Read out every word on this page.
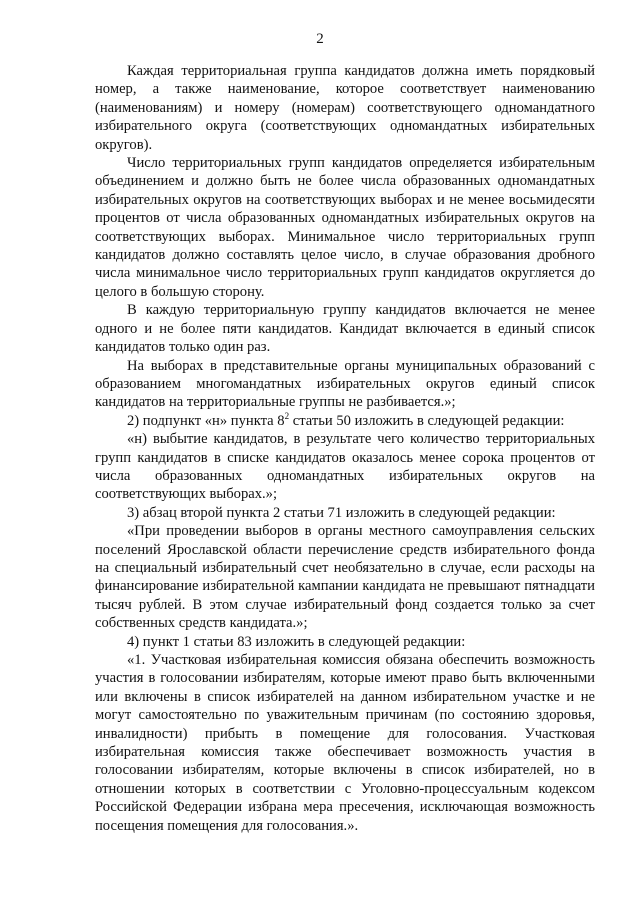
2

Каждая территориальная группа кандидатов должна иметь порядковый номер, а также наименование, которое соответствует наименованию (наименованиям) и номеру (номерам) соответствующего одномандатного избирательного округа (соответствующих одномандатных избирательных округов).

Число территориальных групп кандидатов определяется избирательным объединением и должно быть не более числа образованных одномандатных избирательных округов на соответствующих выборах и не менее восьмидесяти процентов от числа образованных одномандатных избирательных округов на соответствующих выборах. Минимальное число территориальных групп кандидатов должно составлять целое число, в случае образования дробного числа минимальное число территориальных групп кандидатов округляется до целого в большую сторону.

В каждую территориальную группу кандидатов включается не менее одного и не более пяти кандидатов. Кандидат включается в единый список кандидатов только один раз.

На выборах в представительные органы муниципальных образований с образованием многомандатных избирательных округов единый список кандидатов на территориальные группы не разбивается.»;

2) подпункт «н» пункта $8^2$ статьи 50 изложить в следующей редакции:

«н) выбытие кандидатов, в результате чего количество территориальных групп кандидатов в списке кандидатов оказалось менее сорока процентов от числа образованных одномандатных избирательных округов на соответствующих выборах.»;

3) абзац второй пункта 2 статьи 71 изложить в следующей редакции:

«При проведении выборов в органы местного самоуправления сельских поселений Ярославской области перечисление средств избирательного фонда на специальный избирательный счет необязательно в случае, если расходы на финансирование избирательной кампании кандидата не превышают пятнадцати тысяч рублей. В этом случае избирательный фонд создается только за счет собственных средств кандидата.»;

4) пункт 1 статьи 83 изложить в следующей редакции:

«1. Участковая избирательная комиссия обязана обеспечить возможность участия в голосовании избирателям, которые имеют право быть включенными или включены в список избирателей на данном избирательном участке и не могут самостоятельно по уважительным причинам (по состоянию здоровья, инвалидности) прибыть в помещение для голосования. Участковая избирательная комиссия также обеспечивает возможность участия в голосовании избирателям, которые включены в список избирателей, но в отношении которых в соответствии с Уголовно-процессуальным кодексом Российской Федерации избрана мера пресечения, исключающая возможность посещения помещения для голосования.».
